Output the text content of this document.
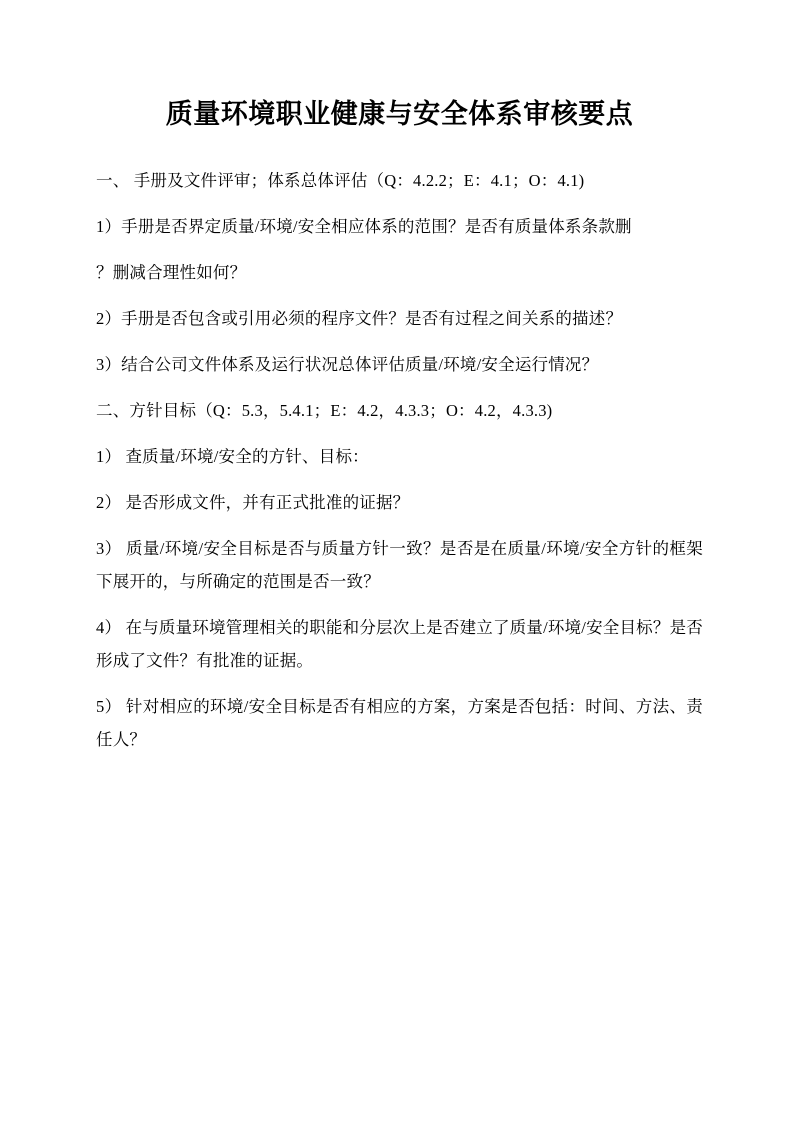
质量环境职业健康与安全体系审核要点

一、 手册及文件评审；体系总体评估（Q：4.2.2；E：4.1；O：4.1)

1）手册是否界定质量/环境/安全相应体系的范围？是否有质量体系条款删

？删减合理性如何？

2）手册是否包含或引用必须的程序文件？是否有过程之间关系的描述？

3）结合公司文件体系及运行状况总体评估质量/环境/安全运行情况？

二、方针目标（Q：5.3，5.4.1；E：4.2，4.3.3；O：4.2，4.3.3)

1） 查质量/环境/安全的方针、目标：

2） 是否形成文件，并有正式批准的证据？

3） 质量/环境/安全目标是否与质量方针一致？是否是在质量/环境/安全方针的框架下展开的，与所确定的范围是否一致？

4） 在与质量环境管理相关的职能和分层次上是否建立了质量/环境/安全目标？是否形成了文件？有批准的证据。

5） 针对相应的环境/安全目标是否有相应的方案，方案是否包括：时间、方法、责任人？
